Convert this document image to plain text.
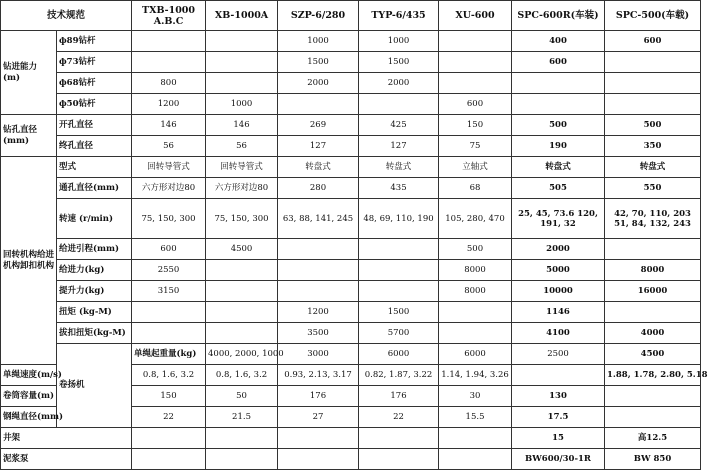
技术规范		TXB-1000 A.B.C	XB-1000A	SZP-6/280	TYP-6/435	XU-600	SPC-600R(车装)	SPC-500(车载)	
钻进能力(m)	ф89钻杆			1000	1000		400	600	
	ф73钻杆			1500	1500		600		
	ф68钻杆	800		2000	2000				
	ф50钻杆	1200	1000			600			
钻孔直径(mm)	开孔直径	146	146	269	425	150	500	500	
	终孔直径	56	56	127	127	75	190	350	
回转机构给进机构卸扣机构	型式	回转导管式	回转导管式	转盘式	转盘式	立轴式	转盘式	转盘式	
	通孔直径(mm)	六方形对边80	六方形对边80	280	435	68	505	550	
	转速 (r/min)	75, 150, 300	75, 150, 300	63, 88, 141, 245	48, 69, 110, 190	105, 280, 470	25, 45, 73.6 120, 191, 32	42, 70, 110, 203 51, 84, 132, 243	
	给进引程(mm)	600	4500			500	2000		
	给进力(kg)	2550				8000	5000	8000	
	提升力(kg)	3150				8000	10000	16000	
	扭矩 (kg-M)			1200	1500		1146		
	拔扣扭矩(kg-M)			3500	5700		4100	4000	
	卷扬机	单绳起重量(kg)	4000, 2000, 1000	3000	6000	6000	2500	4500	
单绳速度(m/s)		0.8, 1.6, 3.2	0.8, 1.6, 3.2	0.93, 2.13, 3.17	0.82, 1.87, 3.22	1.14, 1.94, 3.26		1.88, 1.78, 2.80, 5.18	
卷筒容量(m)		150	50	176	176	30	130		
钢绳直径(mm)		22	21.5	27	22	15.5	17.5		
井架							15	高12.5	
泥浆泵							BW600/30-1R	BW 850	
